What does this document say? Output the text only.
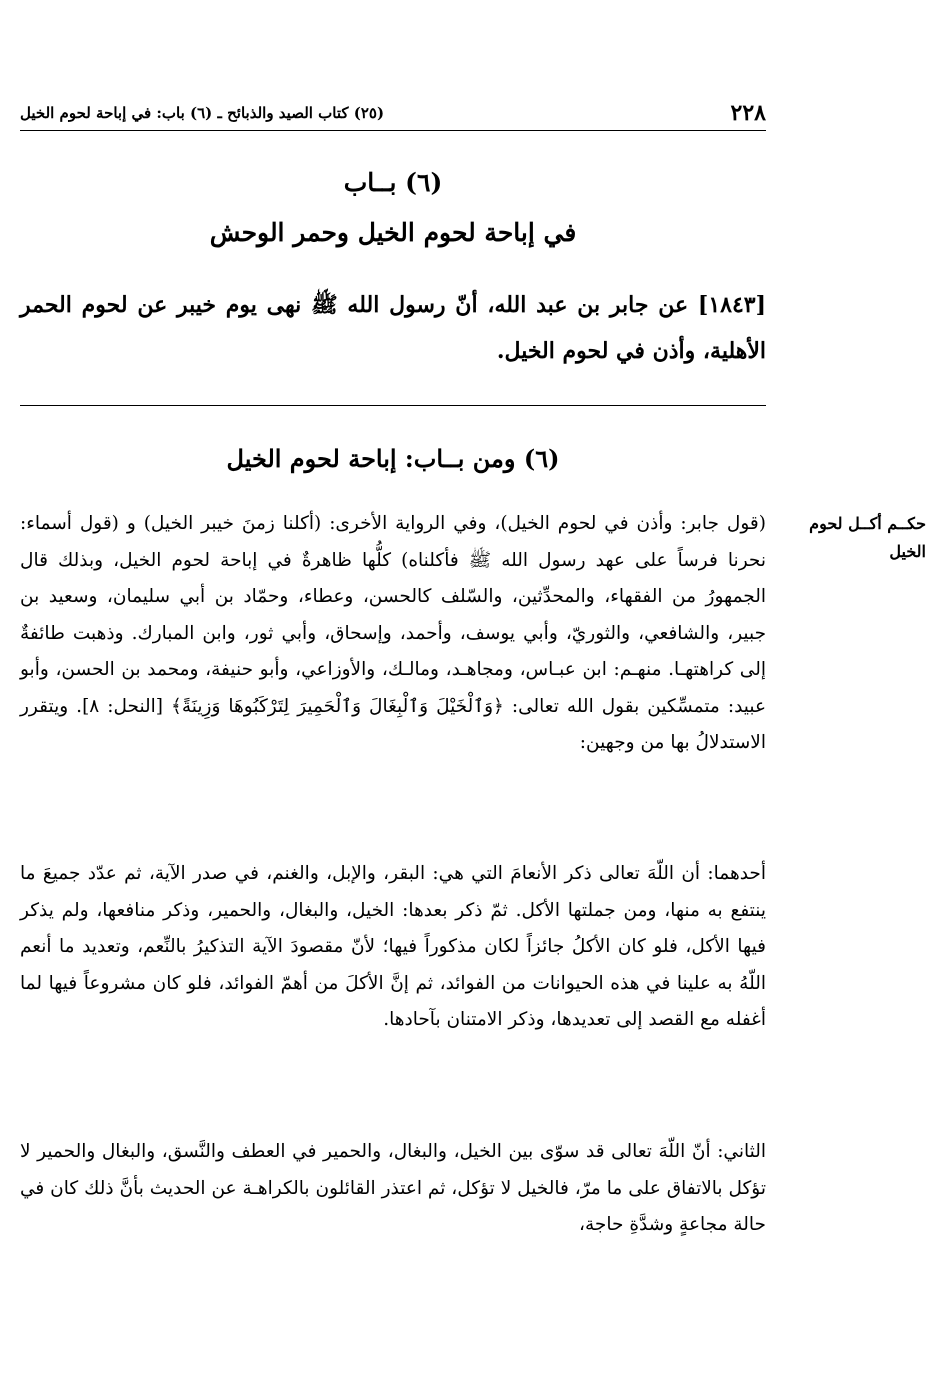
٢٢٨
(٢٥) كتاب الصيد والذبائح ـ (٦) باب: في إباحة لحوم الخيل
(٦) بــاب
في إباحة لحوم الخيل وحمر الوحش
[١٨٤٣] عن جابر بن عبد الله، أنّ رسول الله ﷺ نهى يوم خيبر عن لحوم الحمر الأهلية، وأذن في لحوم الخيل.
(٦) ومن بــاب: إباحة لحوم الخيل
حكــم أكــل لحوم الخيل
(قول جابر: وأذن في لحوم الخيل)، وفي الرواية الأخرى: (أكلنا زمنَ خيبر الخيل) و (قول أسماء: نحرنا فرساً على عهد رسول الله ﷺ فأكلناه) كلُّها ظاهرةٌ في إباحة لحوم الخيل، وبذلك قال الجمهورُ من الفقهاء، والمحدِّثين، والسّلف كالحسن، وعطاء، وحمّاد بن أبي سليمان، وسعيد بن جبير، والشافعي، والثوريّ، وأبي يوسف، وأحمد، وإسحاق، وأبي ثور، وابن المبارك. وذهبت طائفةٌ إلى كراهتهـا. منهـم: ابن عبـاس، ومجاهـد، ومالـك، والأوزاعي، وأبو حنيفة، ومحمد بن الحسن، وأبو عبيد: متمسِّكين بقول الله تعالى: ﴿وَٱلْخَيْلَ وَٱلْبِغَالَ وَٱلْحَمِيرَ لِتَرْكَبُوهَا وَزِينَةً﴾ [النحل: ٨]. ويتقرر الاستدلالُ بها من وجهين:
أحدهما: أن اللّهَ تعالى ذكر الأنعامَ التي هي: البقر، والإبل، والغنم، في صدر الآية، ثم عدّد جميعَ ما ينتفع به منها، ومن جملتها الأكل. ثمّ ذكر بعدها: الخيل، والبغال، والحمير، وذكر منافعها، ولم يذكر فيها الأكل، فلو كان الأكلُ جائزاً لكان مذكوراً فيها؛ لأنّ مقصودَ الآية التذكيرُ بالنِّعم، وتعديد ما أنعم اللّهُ به علينا في هذه الحيوانات من الفوائد، ثم إنَّ الأكلَ من أهمّ الفوائد، فلو كان مشروعاً فيها لما أغفله مع القصد إلى تعديدها، وذكر الامتنان بآحادها.
الثاني: أنّ اللّهَ تعالى قد سوّى بين الخيل، والبغال، والحمير في العطف والنَّسق، والبغال والحمير لا تؤكل بالاتفاق على ما مرّ، فالخيل لا تؤكل، ثم اعتذر القائلون بالكراهـة عن الحديث بأنَّ ذلك كان في حالة مجاعةٍ وشدَّةِ حاجة،
